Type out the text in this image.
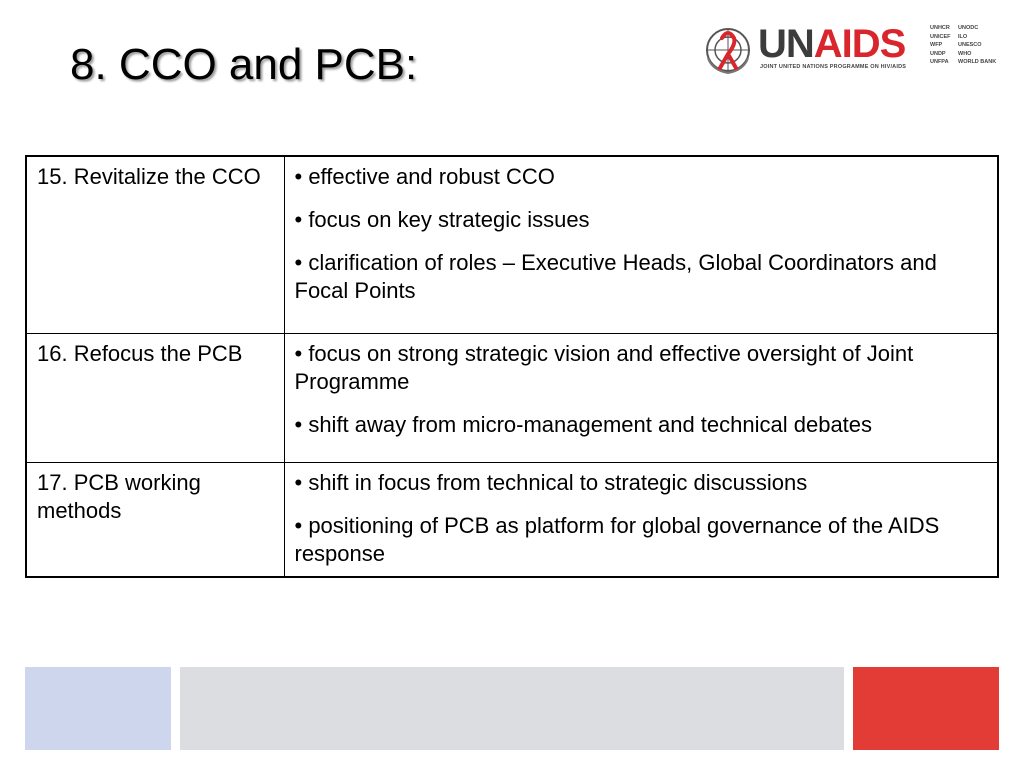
8. CCO and PCB:	UNAIDS
JOINT UNITED NATIONS PROGRAMME ON HIV/AIDS
UNHCR	UNODC
UNICEF	ILO
WFP	UNESCO
UNDP	WHO
UNFPA	WORLD BANK
15. Revitalize the CCO	• effective and robust CCO
• focus on key strategic issues
• clarification of roles – Executive Heads, Global Coordinators and Focal Points

16. Refocus the PCB	• focus on strong strategic vision and effective oversight of Joint Programme
• shift away from micro-management and technical debates

17. PCB working methods	• shift in focus from technical to strategic discussions
• positioning of PCB as platform for global governance of the AIDS response
